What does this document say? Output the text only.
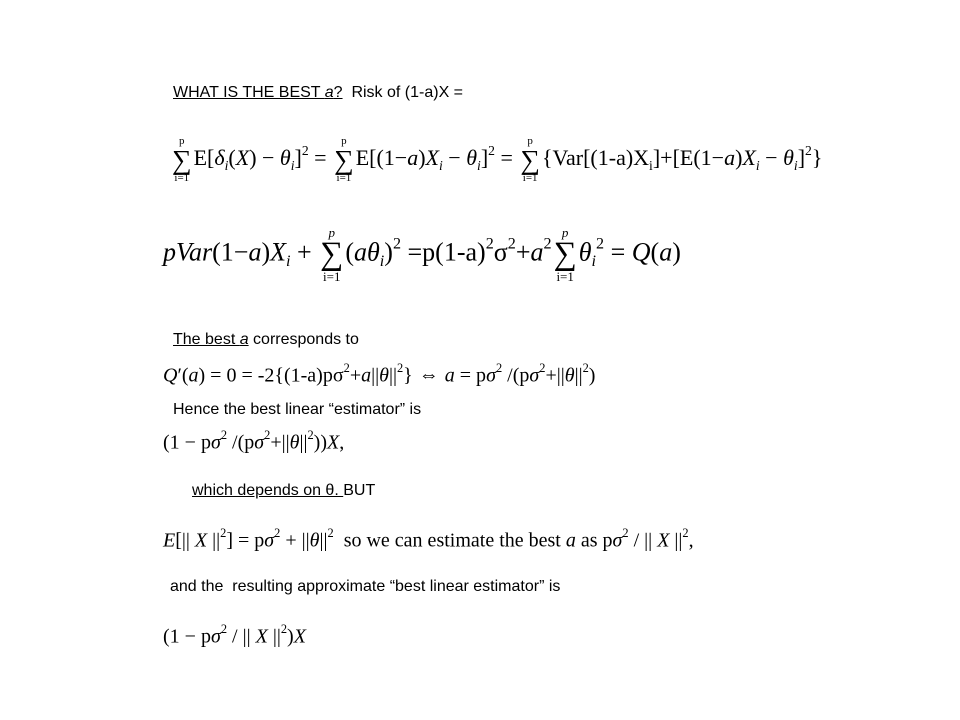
WHAT IS THE BEST a?  Risk of (1-a)X =
p
∑
i=1
$E[\delta_i(X) - \theta_i]^2$ =
p
∑
i=1
$E[(1-a)X_i - \theta_i]^2$ =
p
∑
i=1
$\{Var[(1-a)X_i]+[E(1-a)X_i - \theta_i]^2\}$
$pVar(1-a)X_i$ +
p
∑
i=1
$(a\theta_i)^2 =p(1-a)^2\sigma^2+a^2$
p
∑
i=1
$\theta_i^2 = Q(a)$
The best a corresponds to
$Q'(a) = 0 = -2\{(1-a)p\sigma^2+a||\theta||^2\}$ ⇔ $a = p\sigma^2$ $/(p\sigma^2+||\theta||^2)$
Hence the best linear “estimator” is
($1 - p\sigma^2$ $/(p\sigma^2+||\theta||^2))X$,
which depends on θ. BUT
E[|| X $||^2] = p\sigma^2 + ||\theta||^2$  so we can estimate the best a as $p\sigma^2$ / || X $||^2$,
and the  resulting approximate “best linear estimator” is
($1 - p\sigma^2$ / || X $||^2)X$
